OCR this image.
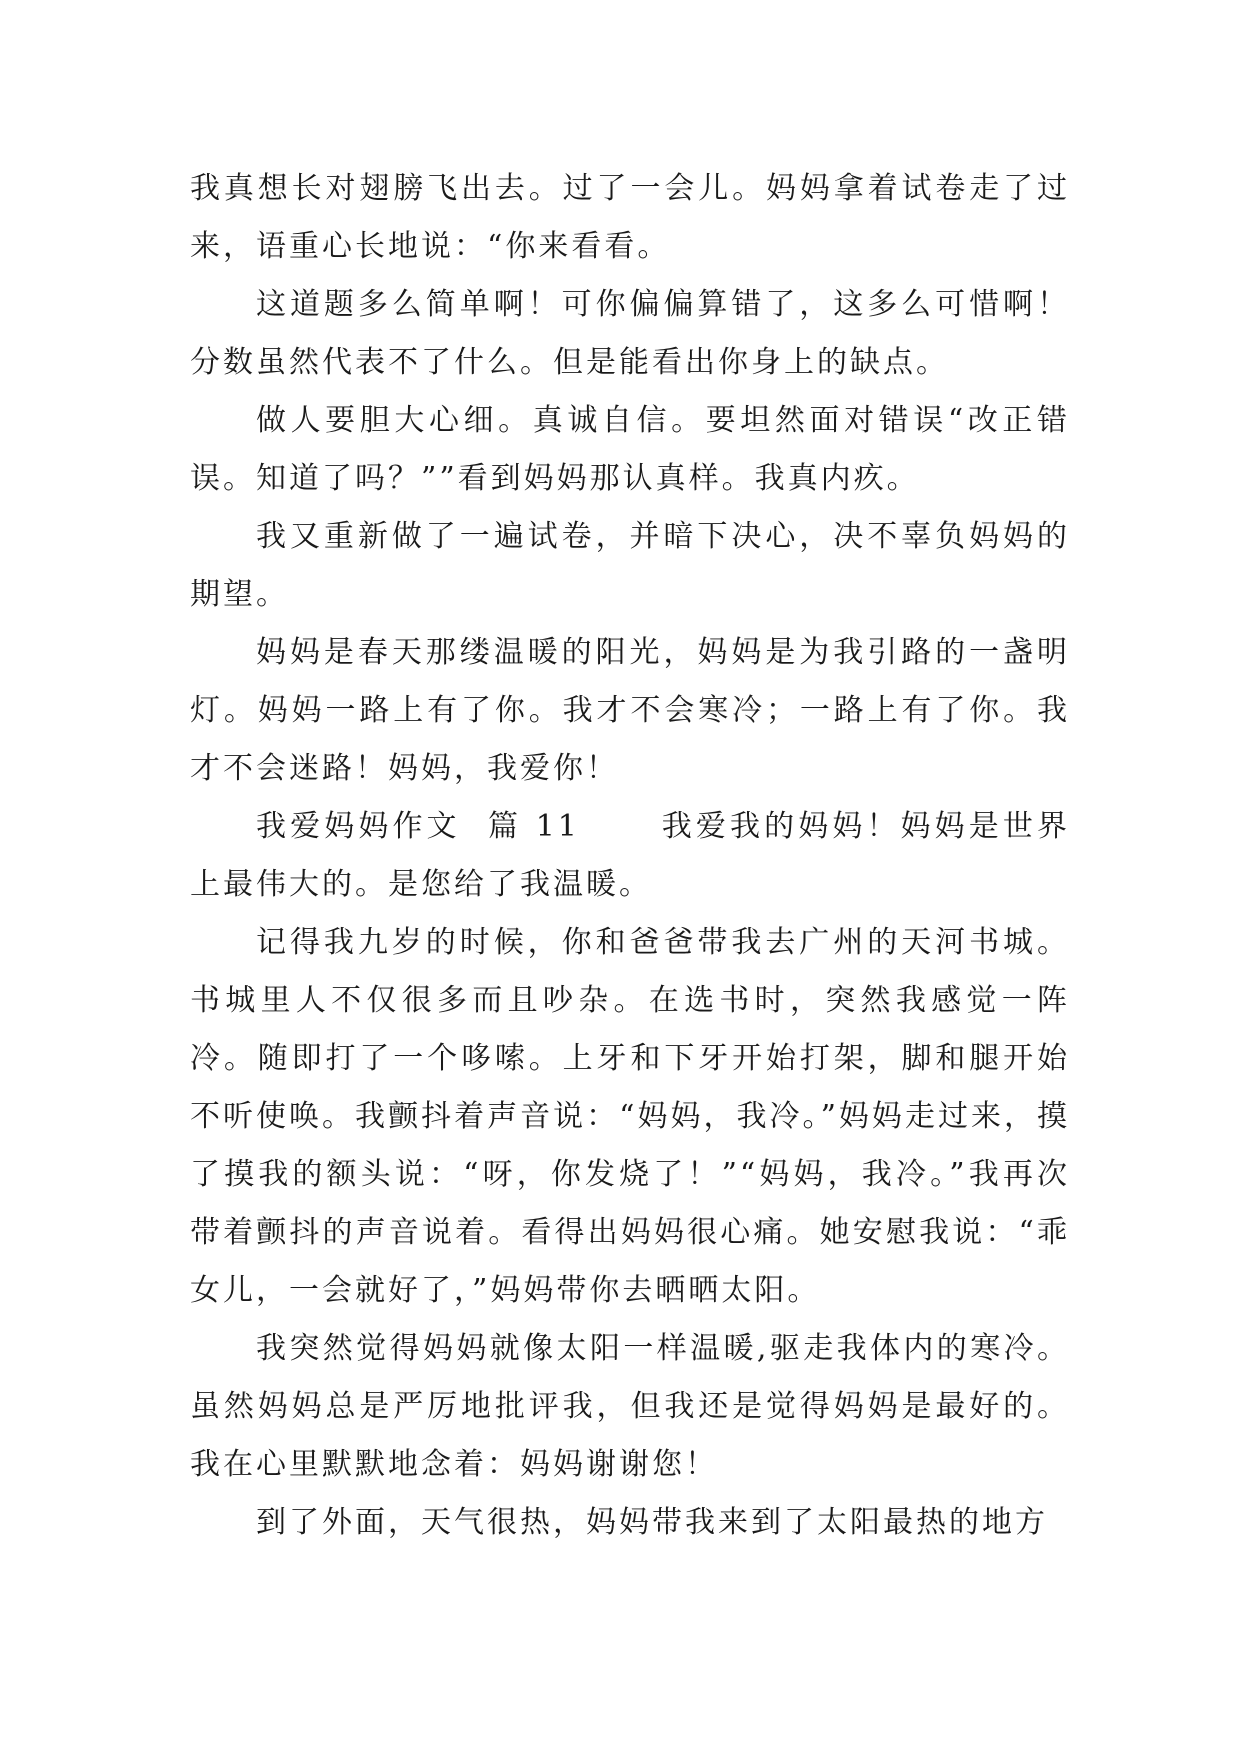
我真想长对翅膀飞出去。过了一会儿。妈妈拿着试卷走了过来，语重心长地说：“你来看看。

这道题多么简单啊！可你偏偏算错了，这多么可惜啊！分数虽然代表不了什么。但是能看出你身上的缺点。

做人要胆大心细。真诚自信。要坦然面对错误“改正错误。知道了吗？””看到妈妈那认真样。我真内疚。

我又重新做了一遍试卷，并暗下决心，决不辜负妈妈的期望。

妈妈是春天那缕温暖的阳光，妈妈是为我引路的一盏明灯。妈妈一路上有了你。我才不会寒冷；一路上有了你。我才不会迷路！妈妈，我爱你！

我爱妈妈作文  篇 11      我爱我的妈妈！妈妈是世界上最伟大的。是您给了我温暖。

记得我九岁的时候，你和爸爸带我去广州的天河书城。书城里人不仅很多而且吵杂。在选书时，突然我感觉一阵冷。随即打了一个哆嗦。上牙和下牙开始打架，脚和腿开始不听使唤。我颤抖着声音说：“妈妈，我冷。”妈妈走过来，摸了摸我的额头说：“呀，你发烧了！”“妈妈，我冷。”我再次带着颤抖的声音说着。看得出妈妈很心痛。她安慰我说：“乖女儿，一会就好了，”妈妈带你去晒晒太阳。

我突然觉得妈妈就像太阳一样温暖,驱走我体内的寒冷。虽然妈妈总是严厉地批评我，但我还是觉得妈妈是最好的。我在心里默默地念着：妈妈谢谢您！

到了外面，天气很热，妈妈带我来到了太阳最热的地方
